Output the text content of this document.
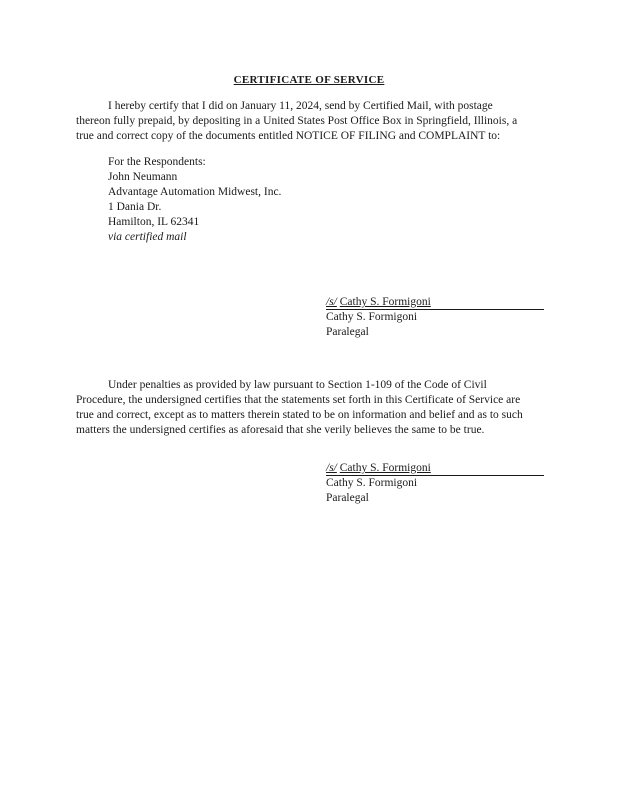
CERTIFICATE OF SERVICE
I hereby certify that I did on January 11, 2024, send by Certified Mail, with postage
thereon fully prepaid, by depositing in a United States Post Office Box in Springfield, Illinois, a
true and correct copy of the documents entitled NOTICE OF FILING and COMPLAINT to:
For the Respondents:
John Neumann
Advantage Automation Midwest, Inc.
1 Dania Dr.
Hamilton, IL 62341
via certified mail
/s/ Cathy S. Formigoni
Cathy S. Formigoni
Paralegal
Under penalties as provided by law pursuant to Section 1-109 of the Code of Civil
Procedure, the undersigned certifies that the statements set forth in this Certificate of Service are
true and correct, except as to matters therein stated to be on information and belief and as to such
matters the undersigned certifies as aforesaid that she verily believes the same to be true.
/s/ Cathy S. Formigoni
Cathy S. Formigoni
Paralegal
